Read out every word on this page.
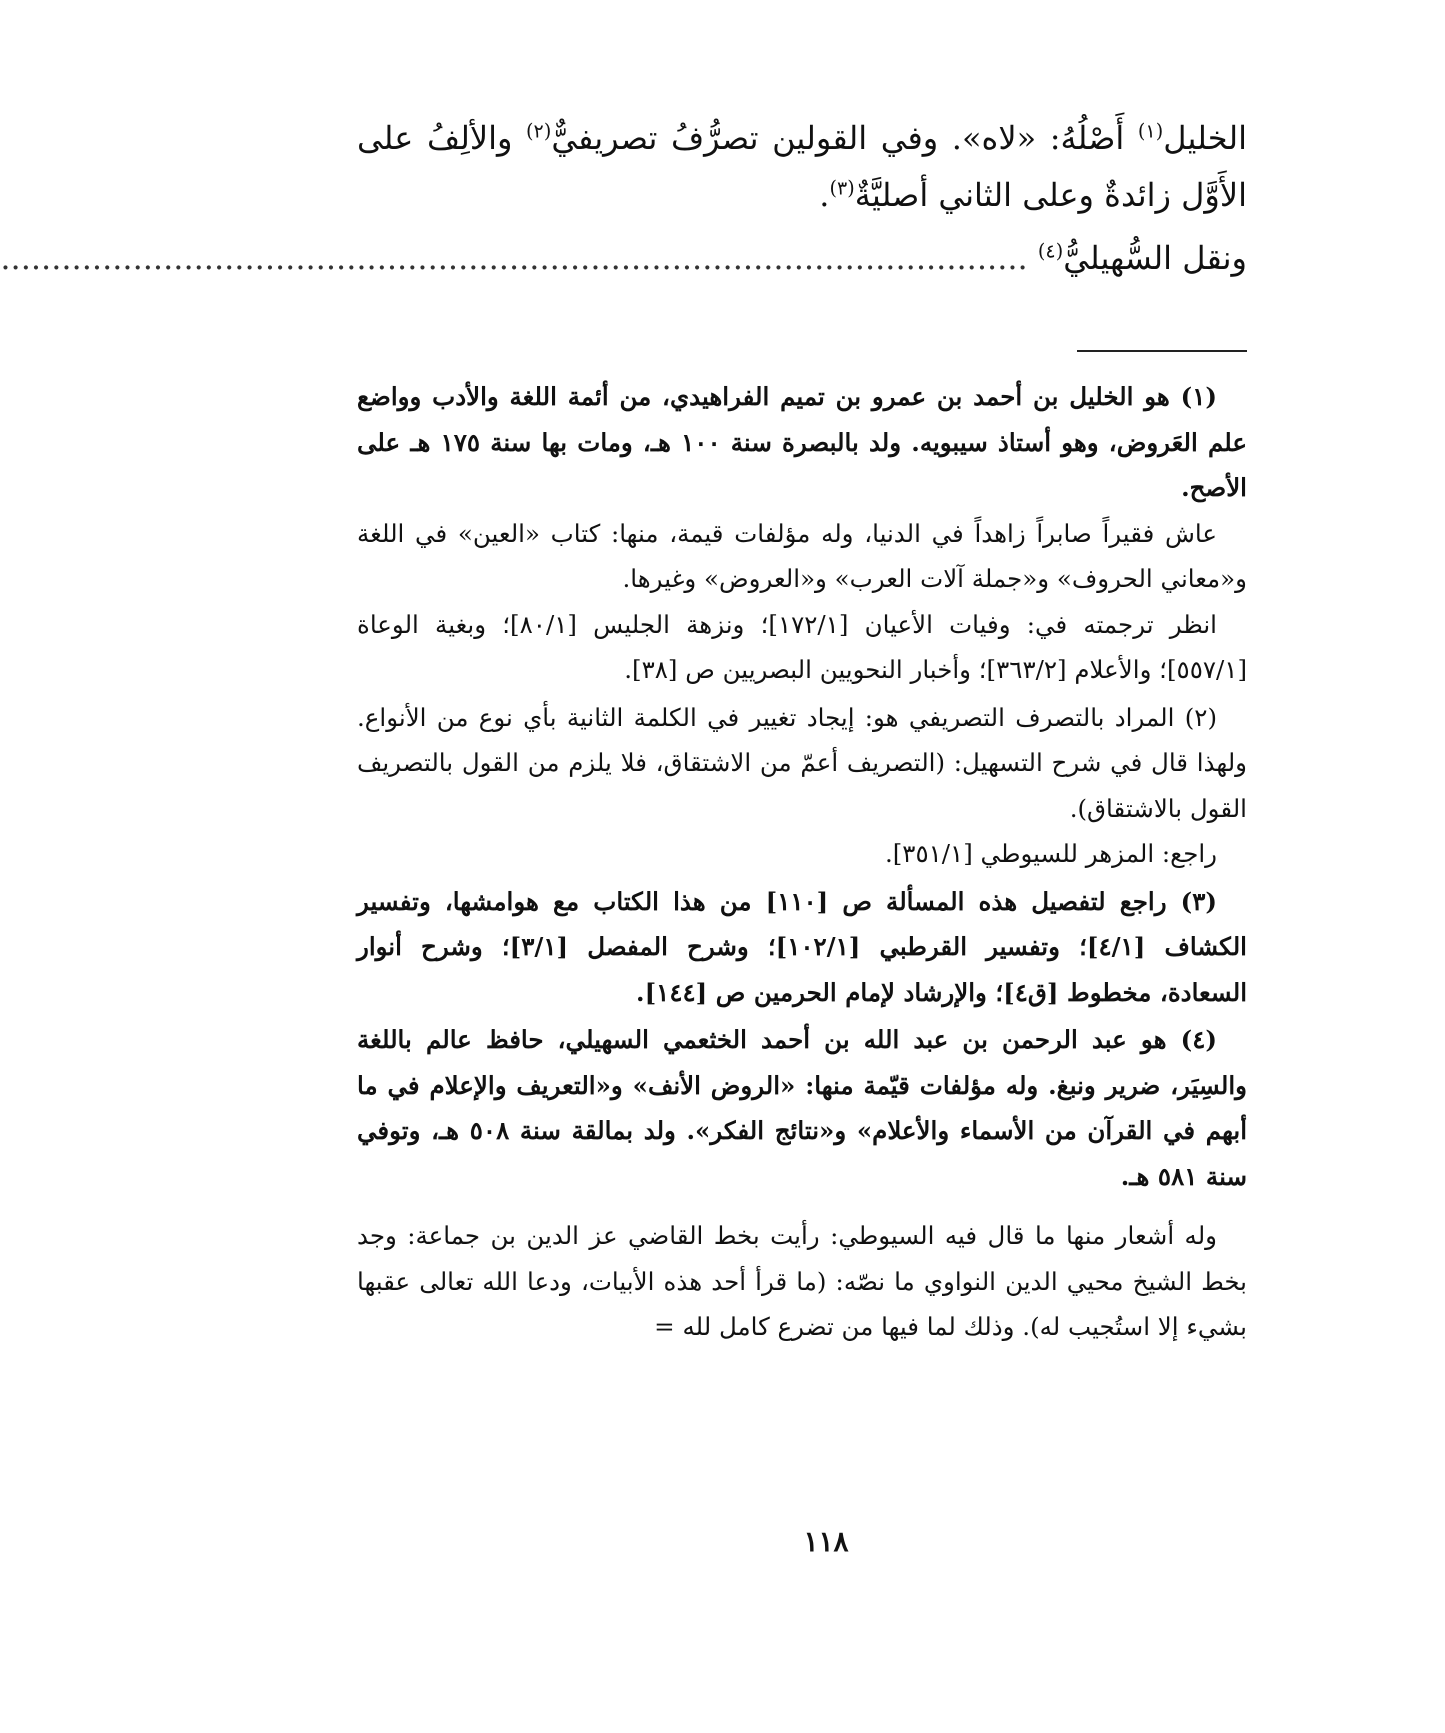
الخليل$^{(١)}$ أَصْلُهُ: «لاه». وفي القولين تصرُّفُ تصريفيٌّ$^{(٢)}$ والألِفُ على الأَوَّل زائدةٌ وعلى الثاني أصليَّةٌ$^{(٣)}$.

ونقل السُّهيليُّ$^{(٤)}$ .....................................................................................................

(١) هو الخليل بن أحمد بن عمرو بن تميم الفراهيدي، من أئمة اللغة والأدب وواضع علم العَروض، وهو أستاذ سيبويه. ولد بالبصرة سنة ١٠٠ هـ، ومات بها سنة ١٧٥ هـ على الأصح.

عاش فقيراً صابراً زاهداً في الدنيا، وله مؤلفات قيمة، منها: كتاب «العين» في اللغة و«معاني الحروف» و«جملة آلات العرب» و«العروض» وغيرها.

انظر ترجمته في: وفيات الأعيان [١٧٢/١]؛ ونزهة الجليس [٨٠/١]؛ وبغية الوعاة [٥٥٧/١]؛ والأعلام [٣٦٣/٢]؛ وأخبار النحويين البصريين ص [٣٨].

(٢) المراد بالتصرف التصريفي هو: إيجاد تغيير في الكلمة الثانية بأي نوع من الأنواع. ولهذا قال في شرح التسهيل: (التصريف أعمّ من الاشتقاق، فلا يلزم من القول بالتصريف القول بالاشتقاق).

راجع: المزهر للسيوطي [٣٥١/١].

(٣) راجع لتفصيل هذه المسألة ص [١١٠] من هذا الكتاب مع هوامشها، وتفسير الكشاف [٤/١]؛ وتفسير القرطبي [١٠٢/١]؛ وشرح المفصل [٣/١]؛ وشرح أنوار السعادة، مخطوط [ق٤]؛ والإرشاد لإمام الحرمين ص [١٤٤].

(٤) هو عبد الرحمن بن عبد الله بن أحمد الخثعمي السهيلي، حافظ عالم باللغة والسِيَر، ضرير ونبغ. وله مؤلفات قيّمة منها: «الروض الأنف» و«التعريف والإعلام في ما أبهم في القرآن من الأسماء والأعلام» و«نتائج الفكر». ولد بمالقة سنة ٥٠٨ هـ، وتوفي سنة ٥٨١ هـ.

وله أشعار منها ما قال فيه السيوطي: رأيت بخط القاضي عز الدين بن جماعة: وجد بخط الشيخ محيي الدين النواوي ما نصّه: (ما قرأ أحد هذه الأبيات، ودعا الله تعالى عقبها بشيء إلا استُجيب له). وذلك لما فيها من تضرع كامل لله =

١١٨
